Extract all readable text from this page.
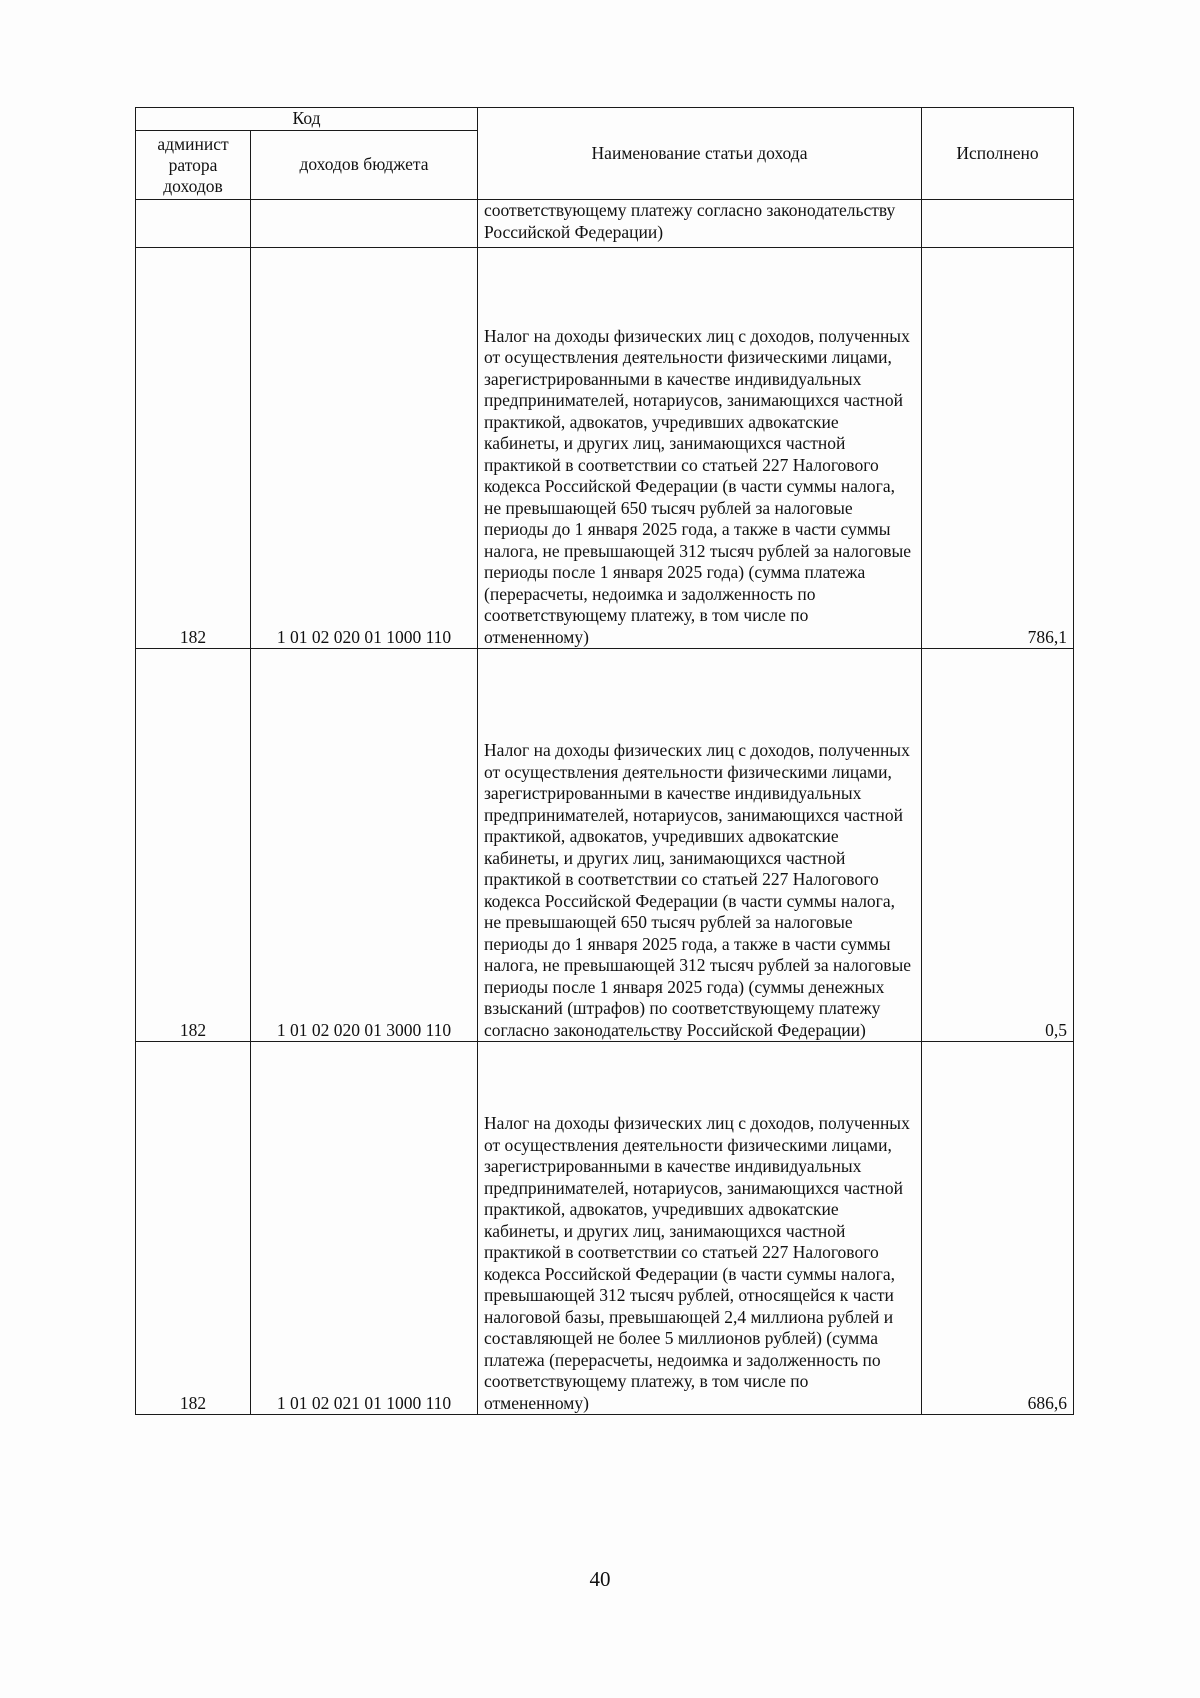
Код		Наименование статьи дохода	Исполнено
админист ратора доходов	доходов бюджета		
		соответствующему платежу согласно законодательству Российской Федерации)	
182	1 01 02 020 01 1000 110	Налог на доходы физических лиц с доходов, полученных от осуществления деятельности физическими лицами, зарегистрированными в качестве индивидуальных предпринимателей, нотариусов, занимающихся частной практикой, адвокатов, учредивших адвокатские кабинеты, и других лиц, занимающихся частной практикой в соответствии со статьей 227 Налогового кодекса Российской Федерации (в части суммы налога, не превышающей 650 тысяч рублей за налоговые периоды до 1 января 2025 года, а также в части суммы налога, не превышающей 312 тысяч рублей за налоговые периоды после 1 января 2025 года) (сумма платежа (перерасчеты, недоимка и задолженность по соответствующему платежу, в том числе по отмененному)	786,1
182	1 01 02 020 01 3000 110	Налог на доходы физических лиц с доходов, полученных от осуществления деятельности физическими лицами, зарегистрированными в качестве индивидуальных предпринимателей, нотариусов, занимающихся частной практикой, адвокатов, учредивших адвокатские кабинеты, и других лиц, занимающихся частной практикой в соответствии со статьей 227 Налогового кодекса Российской Федерации (в части суммы налога, не превышающей 650 тысяч рублей за налоговые периоды до 1 января 2025 года, а также в части суммы налога, не превышающей 312 тысяч рублей за налоговые периоды после 1 января 2025 года) (суммы денежных взысканий (штрафов) по соответствующему платежу согласно законодательству Российской Федерации)	0,5
182	1 01 02 021 01 1000 110	Налог на доходы физических лиц с доходов, полученных от осуществления деятельности физическими лицами, зарегистрированными в качестве индивидуальных предпринимателей, нотариусов, занимающихся частной практикой, адвокатов, учредивших адвокатские кабинеты, и других лиц, занимающихся частной практикой в соответствии со статьей 227 Налогового кодекса Российской Федерации (в части суммы налога, превышающей 312 тысяч рублей, относящейся к части налоговой базы, превышающей 2,4 миллиона рублей и составляющей не более 5 миллионов рублей) (сумма платежа (перерасчеты, недоимка и задолженность по соответствующему платежу, в том числе по отмененному)	686,6
40
